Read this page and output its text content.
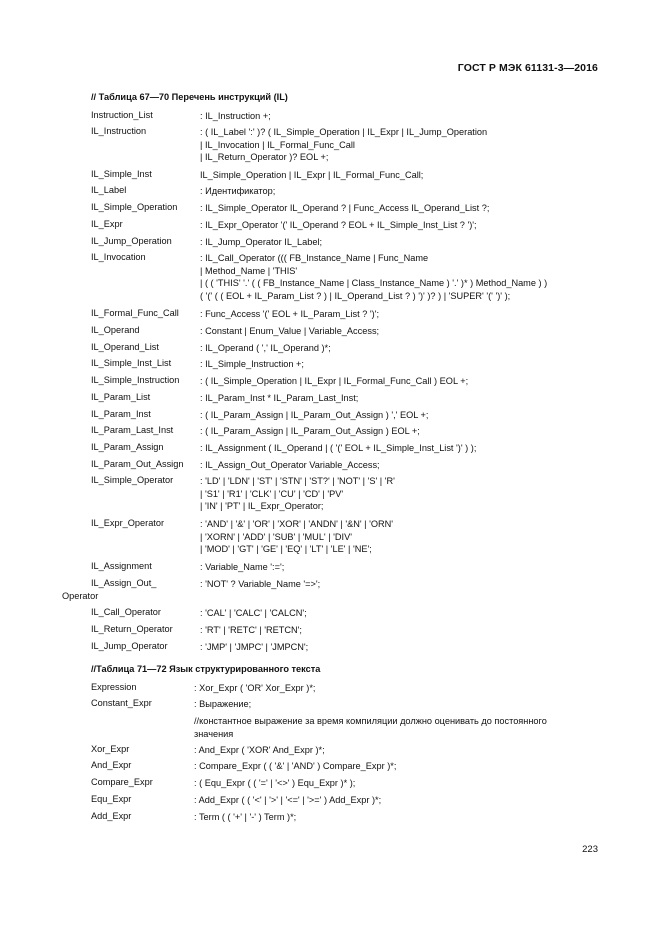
ГОСТ Р МЭК 61131-3—2016
// Таблица 67—70 Перечень инструкций (IL)
Instruction_List	: IL_Instruction +;
IL_Instruction	: ( IL_Label ':' )? ( IL_Simple_Operation | IL_Expr | IL_Jump_Operation
| IL_Invocation | IL_Formal_Func_Call
| IL_Return_Operator )? EOL +;
IL_Simple_Inst	IL_Simple_Operation | IL_Expr | IL_Formal_Func_Call;
IL_Label	: Идентификатор;
IL_Simple_Operation : IL_Simple_Operator IL_Operand ? | Func_Access IL_Operand_List ?;
IL_Expr	: IL_Expr_Operator '(' IL_Operand ? EOL + IL_Simple_Inst_List ? ')';
IL_Jump_Operation	: IL_Jump_Operator IL_Label;
IL_Invocation	: IL_Call_Operator ((( FB_Instance_Name | Func_Name
| Method_Name | 'THIS'
| ( ( 'THIS' '.' ( ( FB_Instance_Name | Class_Instance_Name ) '.' )* ) Method_Name ) )
( '(' ( ( EOL + IL_Param_List ? ) | IL_Operand_List ? ) ')' )? ) | 'SUPER' '(' ')' );
IL_Formal_Func_Call : Func_Access '(' EOL + IL_Param_List ? ')';
IL_Operand	: Constant | Enum_Value | Variable_Access;
IL_Operand_List	: IL_Operand ( ',' IL_Operand )*;
IL_Simple_Inst_List	: IL_Simple_Instruction +;
IL_Simple_Instruction : ( IL_Simple_Operation | IL_Expr | IL_Formal_Func_Call ) EOL +;
IL_Param_List	: IL_Param_Inst * IL_Param_Last_Inst;
IL_Param_Inst	: ( IL_Param_Assign | IL_Param_Out_Assign ) ',' EOL +;
IL_Param_Last_Inst	: ( IL_Param_Assign | IL_Param_Out_Assign ) EOL +;
IL_Param_Assign	: IL_Assignment ( IL_Operand | ( '(' EOL + IL_Simple_Inst_List ')' ) );
IL_Param_Out_Assign : IL_Assign_Out_Operator Variable_Access;
IL_Simple_Operator	: 'LD' | 'LDN' | 'ST' | 'STN' | 'ST?' | 'NOT' | 'S' | 'R'
| 'S1' | 'R1' | 'CLK' | 'CU' | 'CD' | 'PV'
| 'IN' | 'PT' | IL_Expr_Operator;
IL_Expr_Operator	: 'AND' | '&' | 'OR' | 'XOR' | 'ANDN' | '&N' | 'ORN'
| 'XORN' | 'ADD' | 'SUB' | 'MUL' | 'DIV'
| 'MOD' | 'GT' | 'GE' | 'EQ' | 'LT' | 'LE' | 'NE';
IL_Assignment	: Variable_Name ':=';
IL_Assign_Out_	: 'NOT' ? Variable_Name '=>';
Operator
IL_Call_Operator	: 'CAL' | 'CALC' | 'CALCN';
IL_Return_Operator	: 'RT' | 'RETC' | 'RETCN';
IL_Jump_Operator	: 'JMP' | 'JMPC' | 'JMPCN';
//Таблица 71—72 Язык структурированного текста
Expression	: Xor_Expr ( 'OR' Xor_Expr )*;
Constant_Expr	: Выражение;
//константное выражение за время компиляции должно оценивать до постоянного
значения
Xor_Expr	: And_Expr ( 'XOR' And_Expr )*;
And_Expr	: Compare_Expr ( ( '&' | 'AND' ) Compare_Expr )*;
Compare_Expr	: ( Equ_Expr ( ( '=' | '<>' ) Equ_Expr )* );
Equ_Expr	: Add_Expr ( ( '<' | '>' | '<=' | '>=' ) Add_Expr )*;
Add_Expr	: Term ( ( '+' | '-' ) Term )*;
223
